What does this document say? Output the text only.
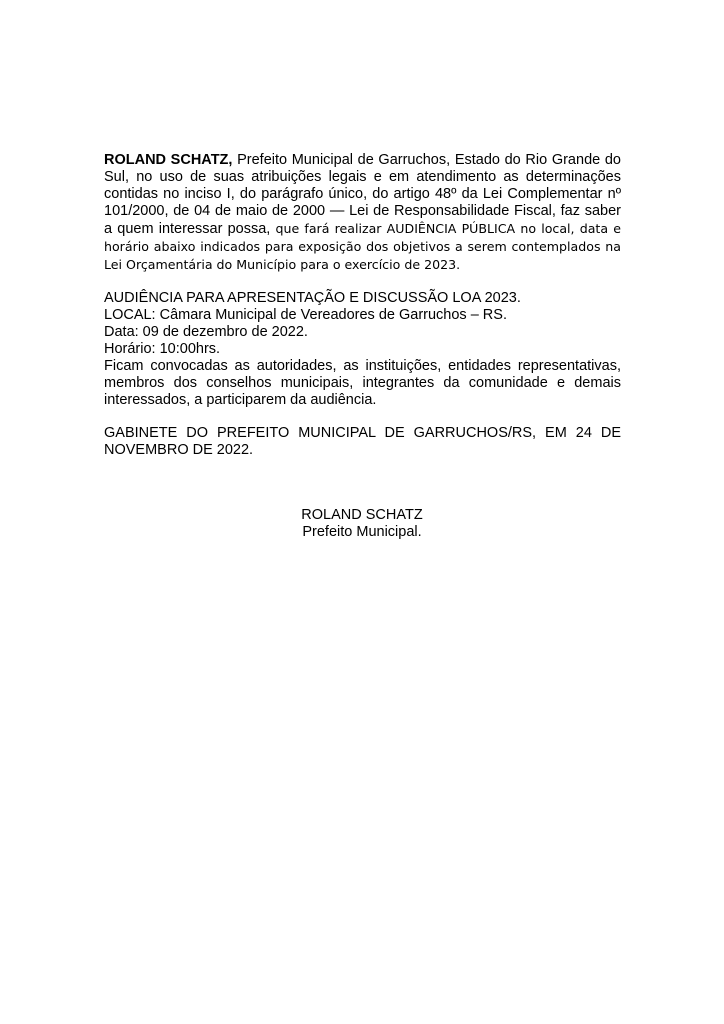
ROLAND SCHATZ, Prefeito Municipal de Garruchos, Estado do Rio Grande do Sul, no uso de suas atribuições legais e em atendimento as determinações contidas no inciso I, do parágrafo único, do artigo 48º da Lei Complementar nº 101/2000, de 04 de maio de 2000 — Lei de Responsabilidade Fiscal, faz saber a quem interessar possa, que fará realizar AUDIÊNCIA PÚBLICA no local, data e horário abaixo indicados para exposição dos objetivos a serem contemplados na Lei Orçamentária do Município para o exercício de 2023.

AUDIÊNCIA PARA APRESENTAÇÃO E DISCUSSÃO LOA 2023.
LOCAL: Câmara Municipal de Vereadores de Garruchos – RS.
Data: 09 de dezembro de 2022.
Horário: 10:00hrs.
Ficam convocadas as autoridades, as instituições, entidades representativas, membros dos conselhos municipais, integrantes da comunidade e demais interessados, a participarem da audiência.

GABINETE DO PREFEITO MUNICIPAL DE GARRUCHOS/RS, EM 24 DE NOVEMBRO DE 2022.

ROLAND SCHATZ
Prefeito Municipal.
